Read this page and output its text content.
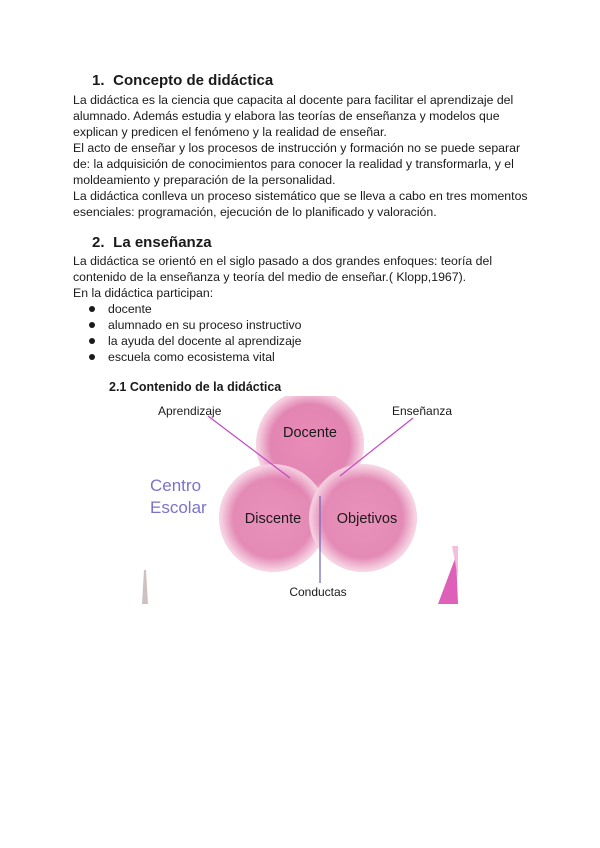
1. Concepto de didáctica
La didáctica es la ciencia que capacita al docente para facilitar el aprendizaje del
alumnado. Además estudia y elabora las teorías de enseñanza y modelos que
explican y predicen el fenómeno y la realidad de enseñar.
El acto de enseñar y los procesos de instrucción y formación no se puede separar
de: la adquisición de conocimientos para conocer la realidad y transformarla, y el
moldeamiento y preparación de la personalidad.
La didáctica conlleva un proceso sistemático que se lleva a cabo en tres momentos
esenciales: programación, ejecución de lo planificado y valoración.
2. La enseñanza
La didáctica se orientó en el siglo pasado a dos grandes enfoques: teoría del
contenido de la enseñanza y teoría del medio de enseñar.( Klopp,1967).
En la didáctica participan:
docente
alumnado en su proceso instructivo
la ayuda del docente al aprendizaje
escuela como ecosistema vital
2.1 Contenido de la didáctica
Centro
Escolar
Docente
Discente Objetivos
Aprendizaje	Enseñanza
Conductas
